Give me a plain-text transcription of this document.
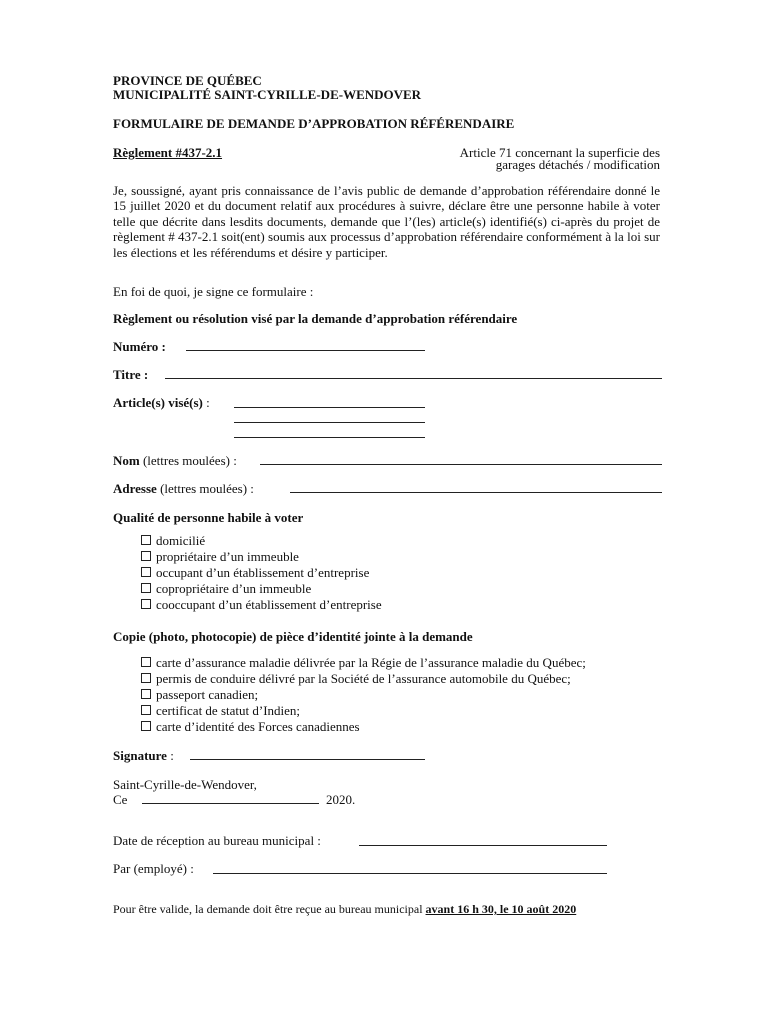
PROVINCE DE QUÉBEC
MUNICIPALITÉ SAINT-CYRILLE-DE-WENDOVER
FORMULAIRE DE DEMANDE D’APPROBATION RÉFÉRENDAIRE
Règlement #437-2.1	Article 71 concernant la superficie des
garages détachés / modification
Je, soussigné, ayant pris connaissance de l’avis public de demande d’approbation référendaire donné le 15 juillet 2020 et du document relatif aux procédures à suivre, déclare être une personne habile à voter telle que décrite dans lesdits documents, demande que l’(les) article(s) identifié(s) ci-après du projet de règlement # 437-2.1 soit(ent) soumis aux processus d’approbation référendaire conformément à la loi sur les élections et les référendums et désire y participer.
En foi de quoi, je signe ce formulaire :
Règlement ou résolution visé par la demande d’approbation référendaire
Numéro :
Titre :
Article(s) visé(s) :
Nom (lettres moulées) :
Adresse (lettres moulées) :
Qualité de personne habile à voter
domicilié
propriétaire d’un immeuble
occupant d’un établissement d’entreprise
copropriétaire d’un immeuble
cooccupant d’un établissement d’entreprise
Copie (photo, photocopie) de pièce d’identité jointe à la demande
carte d’assurance maladie délivrée par la Régie de l’assurance maladie du Québec;
permis de conduire délivré par la Société de l’assurance automobile du Québec;
passeport canadien;
certificat de statut d’Indien;
carte d’identité des Forces canadiennes
Signature :
Saint-Cyrille-de-Wendover,
Ce	2020.
Date de réception au bureau municipal :
Par (employé) :
Pour être valide, la demande doit être reçue au bureau municipal avant 16 h 30, le 10 août 2020
